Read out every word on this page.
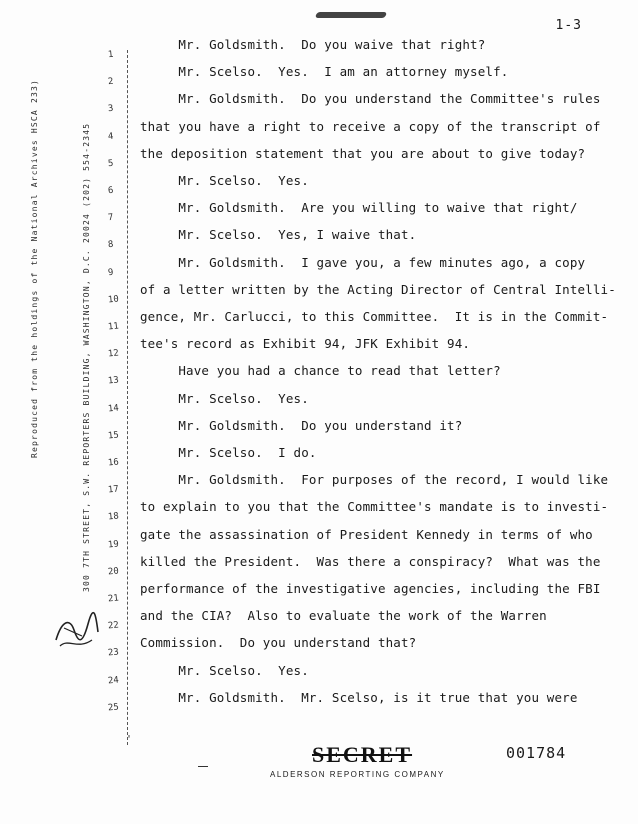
1-3
Reproduced from the holdings of the National Archives HSCA 233)	300 7TH STREET, S.W. REPORTERS BUILDING, WASHINGTON, D.C. 20024 (202) 554-2345
1
2
3
4
5
6
7
8
9
10
11
12
13
14
15
16
17
18
19
20
21
22
23
24
25
Mr. Goldsmith.  Do you waive that right?
Mr. Scelso.  Yes.  I am an attorney myself.
Mr. Goldsmith.  Do you understand the Committee's rules
that you have a right to receive a copy of the transcript of
the deposition statement that you are about to give today?
Mr. Scelso.  Yes.
Mr. Goldsmith.  Are you willing to waive that right/
Mr. Scelso.  Yes, I waive that.
Mr. Goldsmith.  I gave you, a few minutes ago, a copy
of a letter written by the Acting Director of Central Intelli-
gence, Mr. Carlucci, to this Committee.  It is in the Commit-
tee's record as Exhibit 94, JFK Exhibit 94.
Have you had a chance to read that letter?
Mr. Scelso.  Yes.
Mr. Goldsmith.  Do you understand it?
Mr. Scelso.  I do.
Mr. Goldsmith.  For purposes of the record, I would like
to explain to you that the Committee's mandate is to investi-
gate the assassination of President Kennedy in terms of who
killed the President.  Was there a conspiracy?  What was the
performance of the investigative agencies, including the FBI
and the CIA?  Also to evaluate the work of the Warren
Commission.  Do you understand that?
Mr. Scelso.  Yes.
Mr. Goldsmith.  Mr. Scelso, is it true that you were
'
SECRET	001784
ALDERSON REPORTING COMPANY
